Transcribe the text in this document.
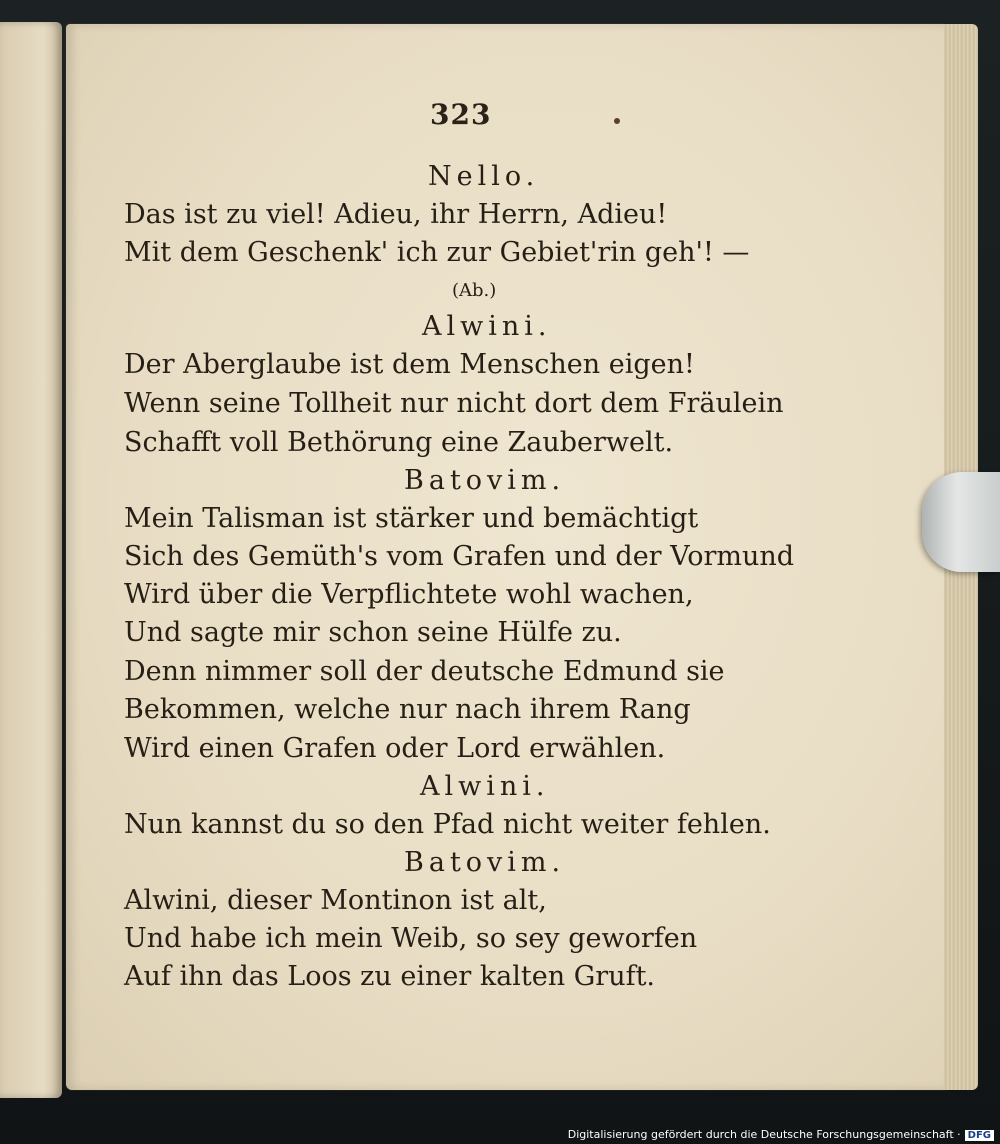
323
Digitalisierung gefördert durch die Deutsche Forschungsgemeinschaft · DFG
Nello.
Das ist zu viel! Adieu, ihr Herrn, Adieu!
Mit dem Geschenk' ich zur Gebiet'rin geh'! —
(Ab.)
Alwini.
Der Aberglaube ist dem Menschen eigen!
Wenn seine Tollheit nur nicht dort dem Fräulein
Schafft voll Bethörung eine Zauberwelt.
Batovim.
Mein Talisman ist stärker und bemächtigt
Sich des Gemüth's vom Grafen und der Vormund
Wird über die Verpflichtete wohl wachen,
Und sagte mir schon seine Hülfe zu.
Denn nimmer soll der deutsche Edmund sie
Bekommen, welche nur nach ihrem Rang
Wird einen Grafen oder Lord erwählen.
Alwini.
Nun kannst du so den Pfad nicht weiter fehlen.
Batovim.
Alwini, dieser Montinon ist alt,
Und habe ich mein Weib, so sey geworfen
Auf ihn das Loos zu einer kalten Gruft.
